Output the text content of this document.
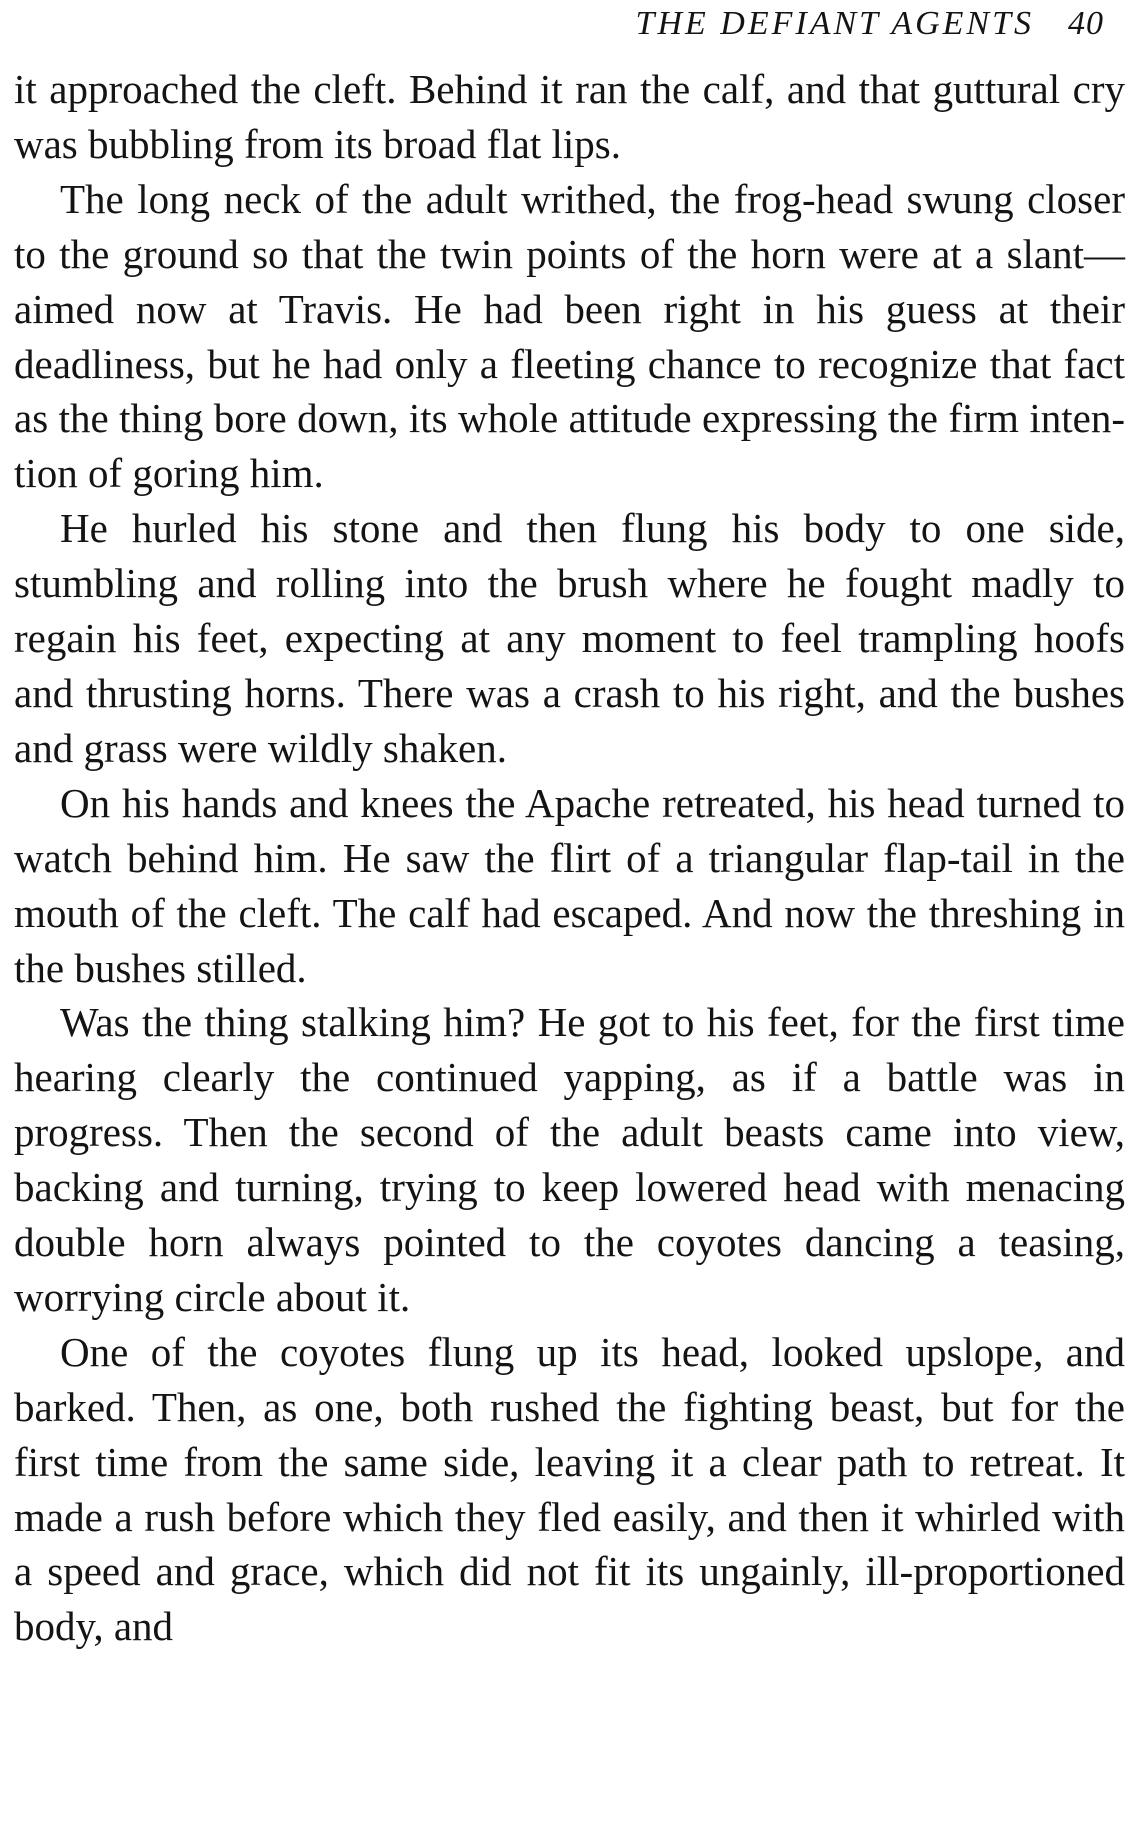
THE DEFIANT AGENTS 40

it approached the cleft. Behind it ran the calf, and that guttural cry was bubbling from its broad flat lips.

The long neck of the adult writhed, the frog-head swung closer to the ground so that the twin points of the horn were at a slant—aimed now at Travis. He had been right in his guess at their deadliness, but he had only a fleeting chance to recognize that fact as the thing bore down, its whole attitude expressing the firm intention of goring him.

He hurled his stone and then flung his body to one side, stumbling and rolling into the brush where he fought madly to regain his feet, expecting at any moment to feel trampling hoofs and thrusting horns. There was a crash to his right, and the bushes and grass were wildly shaken.

On his hands and knees the Apache retreated, his head turned to watch behind him. He saw the flirt of a triangular flap-tail in the mouth of the cleft. The calf had escaped. And now the threshing in the bushes stilled.

Was the thing stalking him? He got to his feet, for the first time hearing clearly the continued yapping, as if a battle was in progress. Then the second of the adult beasts came into view, backing and turning, trying to keep lowered head with menacing double horn always pointed to the coyotes dancing a teasing, worrying circle about it.

One of the coyotes flung up its head, looked upslope, and barked. Then, as one, both rushed the fighting beast, but for the first time from the same side, leaving it a clear path to retreat. It made a rush before which they fled easily, and then it whirled with a speed and grace, which did not fit its ungainly, ill-proportioned body, and
